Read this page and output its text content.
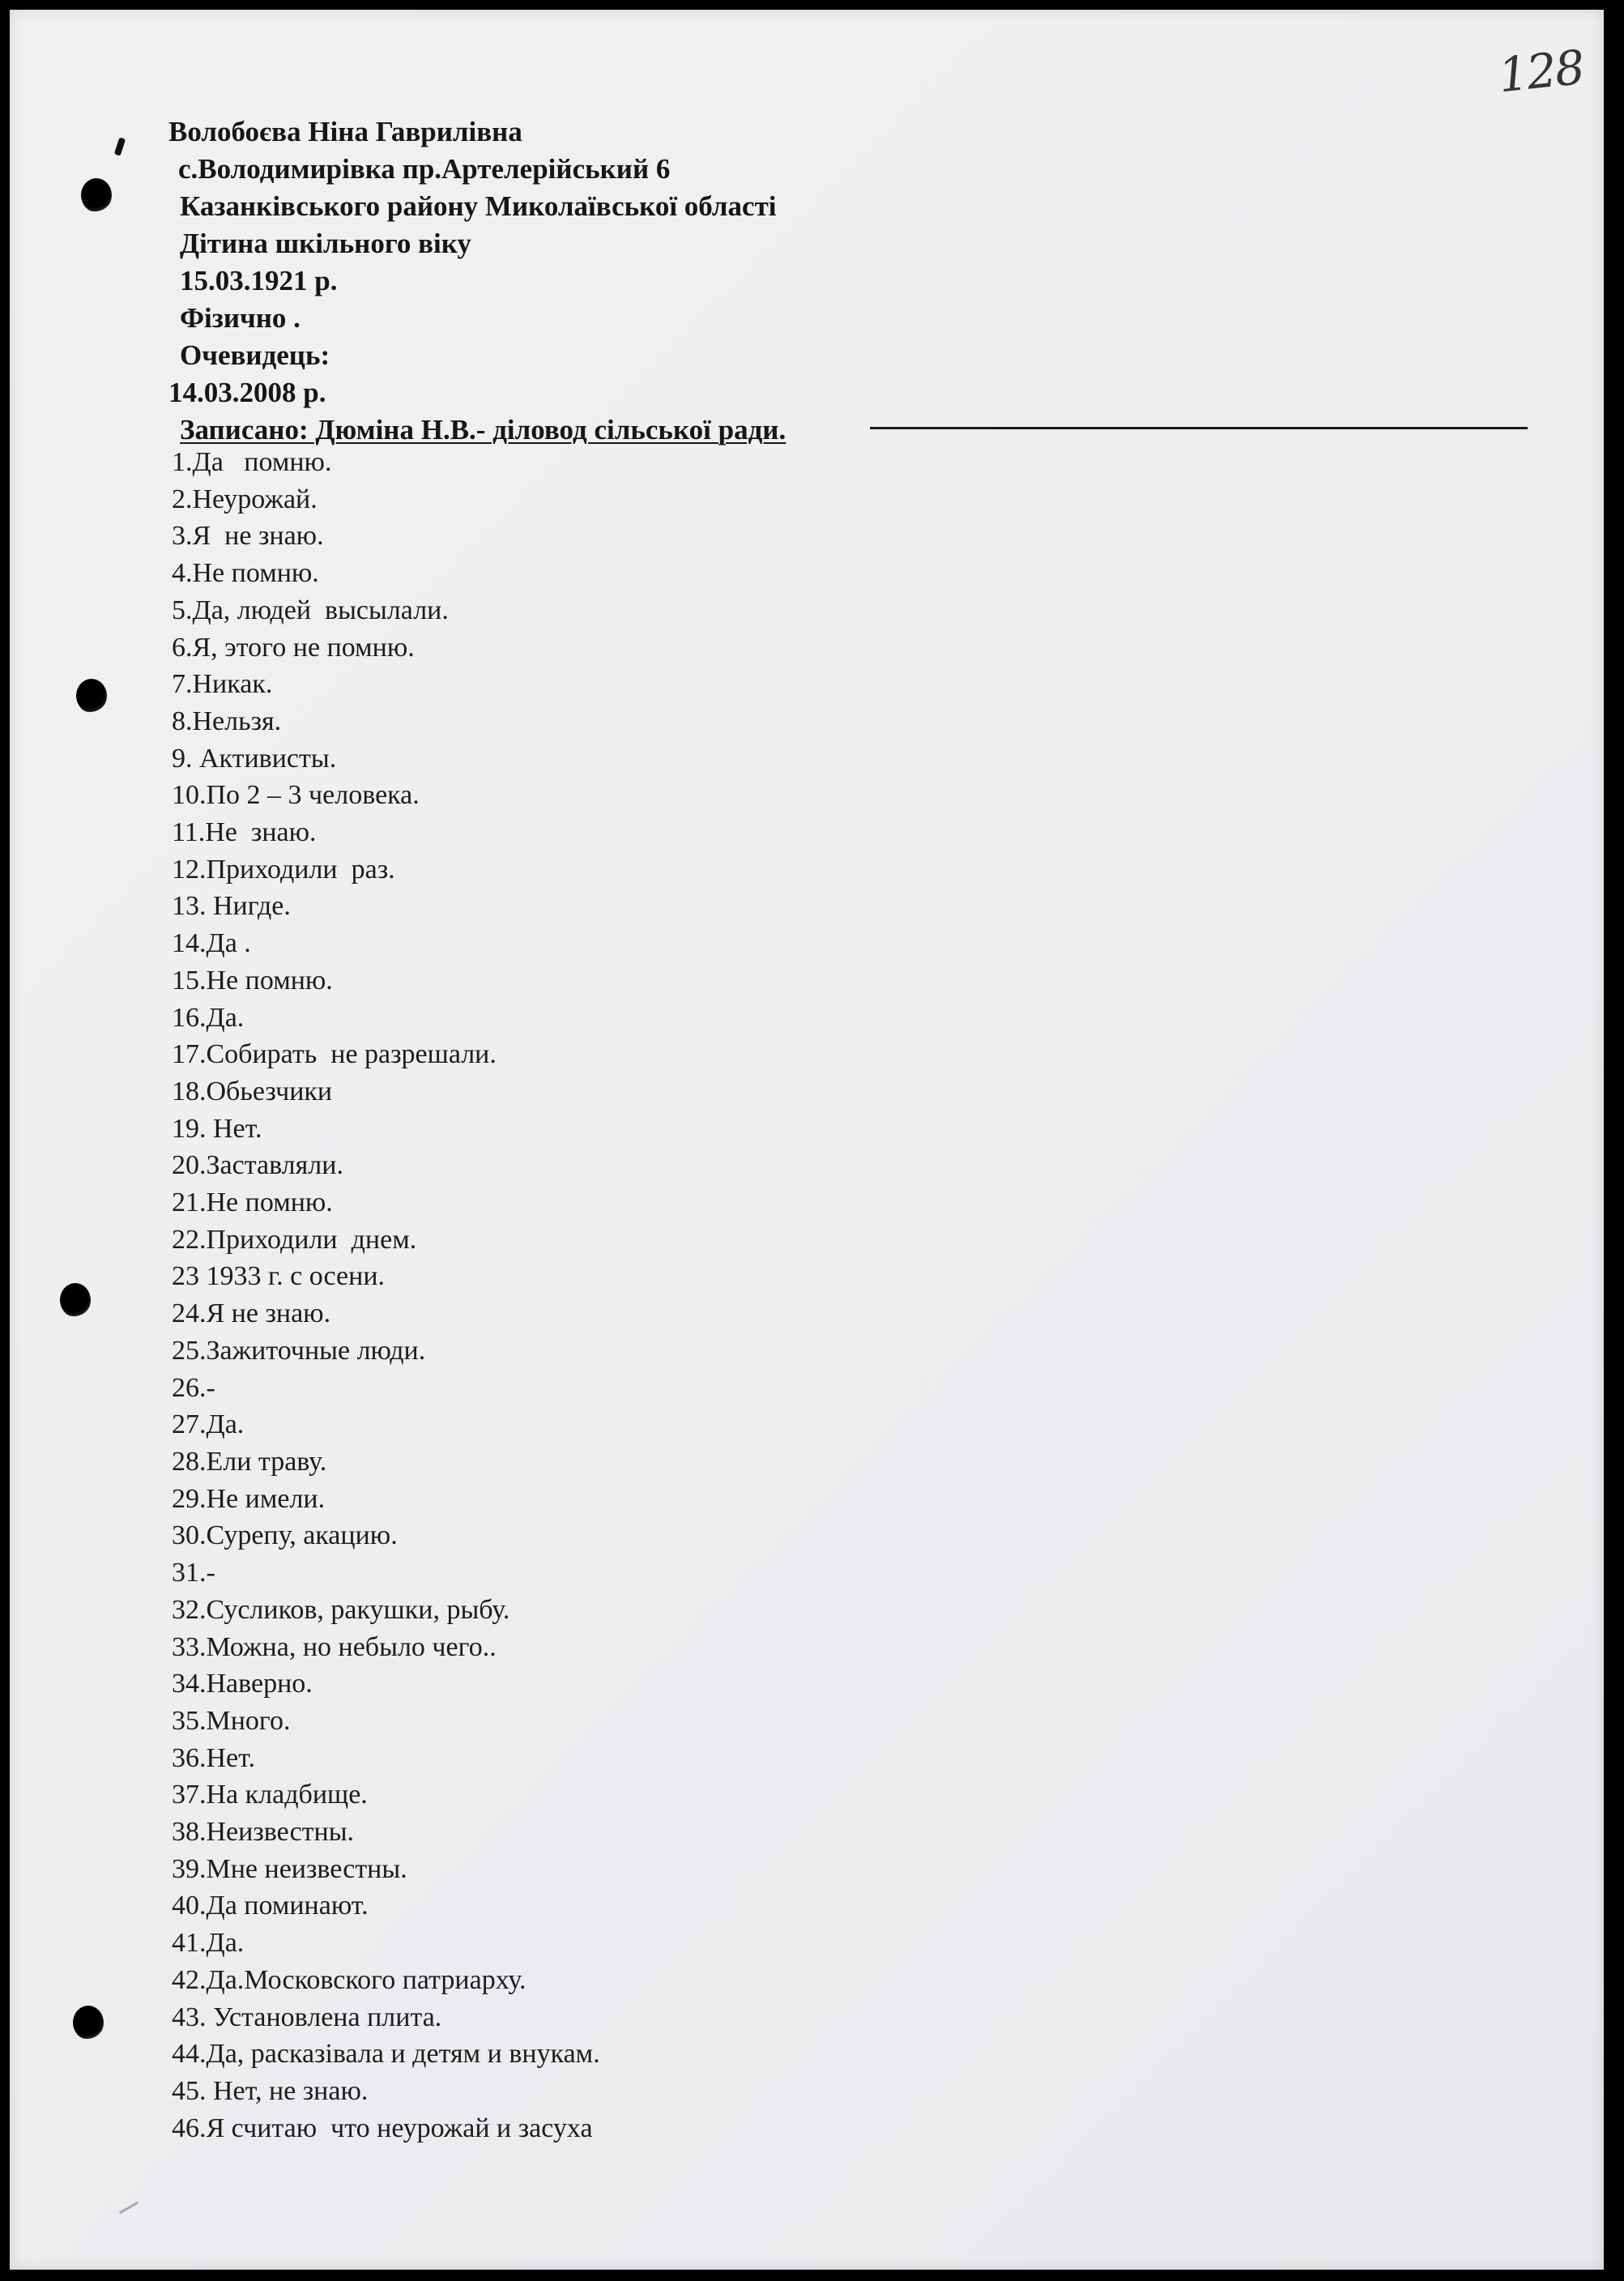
128
Волобоєва Ніна Гаврилівна
с.Володимирівка пр.Артелерійський 6
Казанківського району Миколаївської області
Дітина шкільного віку
15.03.1921 р.
Фізично .
Очевидець:
14.03.2008 р.
Записано: Дюміна Н.В.- діловод сільської ради.
1.Да   помню.
2.Неурожай.
3.Я  не знаю.
4.Не помню.
5.Да, людей  высылали.
6.Я, этого не помню.
7.Никак.
8.Нельзя.
9. Активисты.
10.По 2 – 3 человека.
11.Не  знаю.
12.Приходили  раз.
13. Нигде.
14.Да .
15.Не помню.
16.Да.
17.Собирать  не разрешали.
18.Обьезчики
19. Нет.
20.Заставляли.
21.Не помню.
22.Приходили  днем.
23 1933 г. с осени.
24.Я не знаю.
25.Зажиточные люди.
26.-
27.Да.
28.Ели траву.
29.Не имели.
30.Сурепу, акацию.
31.-
32.Сусликов, ракушки, рыбу.
33.Можна, но небыло чего..
34.Наверно.
35.Много.
36.Нет.
37.На кладбище.
38.Неизвестны.
39.Мне неизвестны.
40.Да поминают.
41.Да.
42.Да.Московского патриарху.
43. Установлена плита.
44.Да, расказівала и детям и внукам.
45. Нет, не знаю.
46.Я считаю  что неурожай и засуха
